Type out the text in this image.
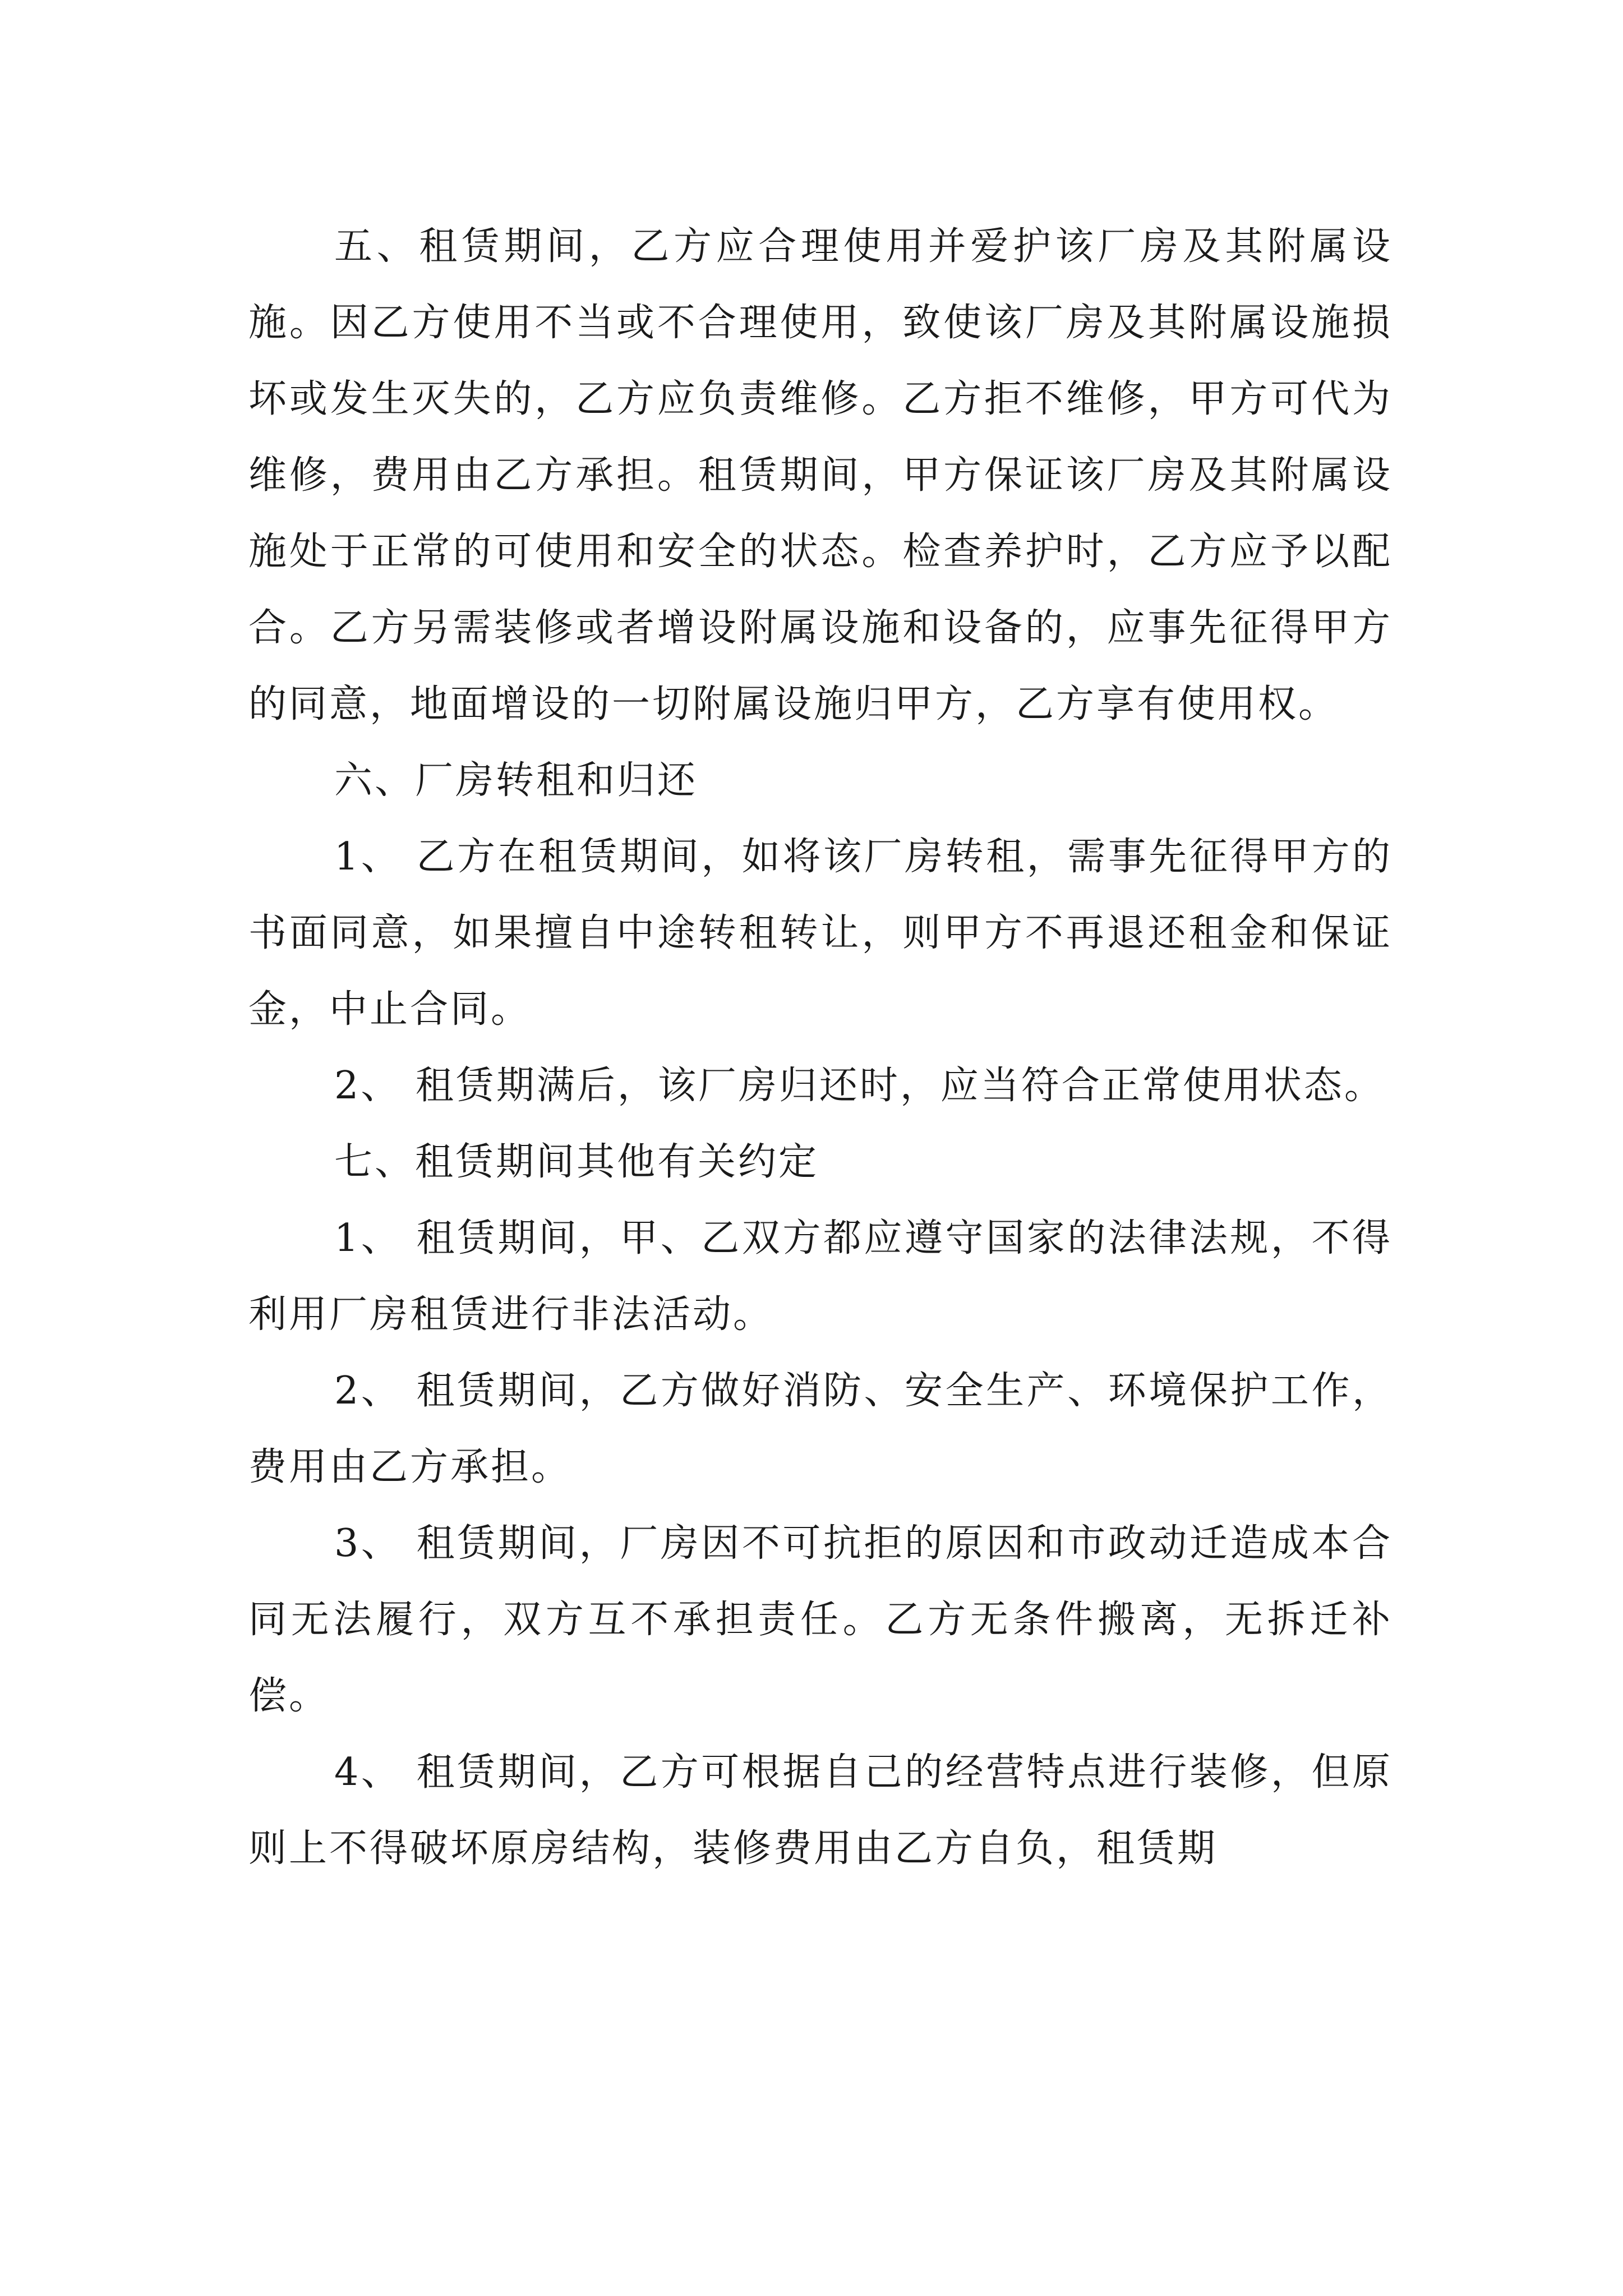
五、租赁期间，乙方应合理使用并爱护该厂房及其附属设施。因乙方使用不当或不合理使用，致使该厂房及其附属设施损坏或发生灭失的，乙方应负责维修。乙方拒不维修，甲方可代为维修，费用由乙方承担。租赁期间，甲方保证该厂房及其附属设施处于正常的可使用和安全的状态。检查养护时，乙方应予以配合。乙方另需装修或者增设附属设施和设备的，应事先征得甲方的同意，地面增设的一切附属设施归甲方，乙方享有使用权。

六、厂房转租和归还

1、 乙方在租赁期间，如将该厂房转租，需事先征得甲方的书面同意，如果擅自中途转租转让，则甲方不再退还租金和保证金，中止合同。

2、 租赁期满后，该厂房归还时，应当符合正常使用状态。

七、租赁期间其他有关约定

1、 租赁期间，甲、乙双方都应遵守国家的法律法规，不得利用厂房租赁进行非法活动。

2、 租赁期间，乙方做好消防、安全生产、环境保护工作，费用由乙方承担。

3、 租赁期间，厂房因不可抗拒的原因和市政动迁造成本合同无法履行，双方互不承担责任。乙方无条件搬离，无拆迁补偿。

4、 租赁期间，乙方可根据自己的经营特点进行装修，但原则上不得破坏原房结构，装修费用由乙方自负，租赁期
